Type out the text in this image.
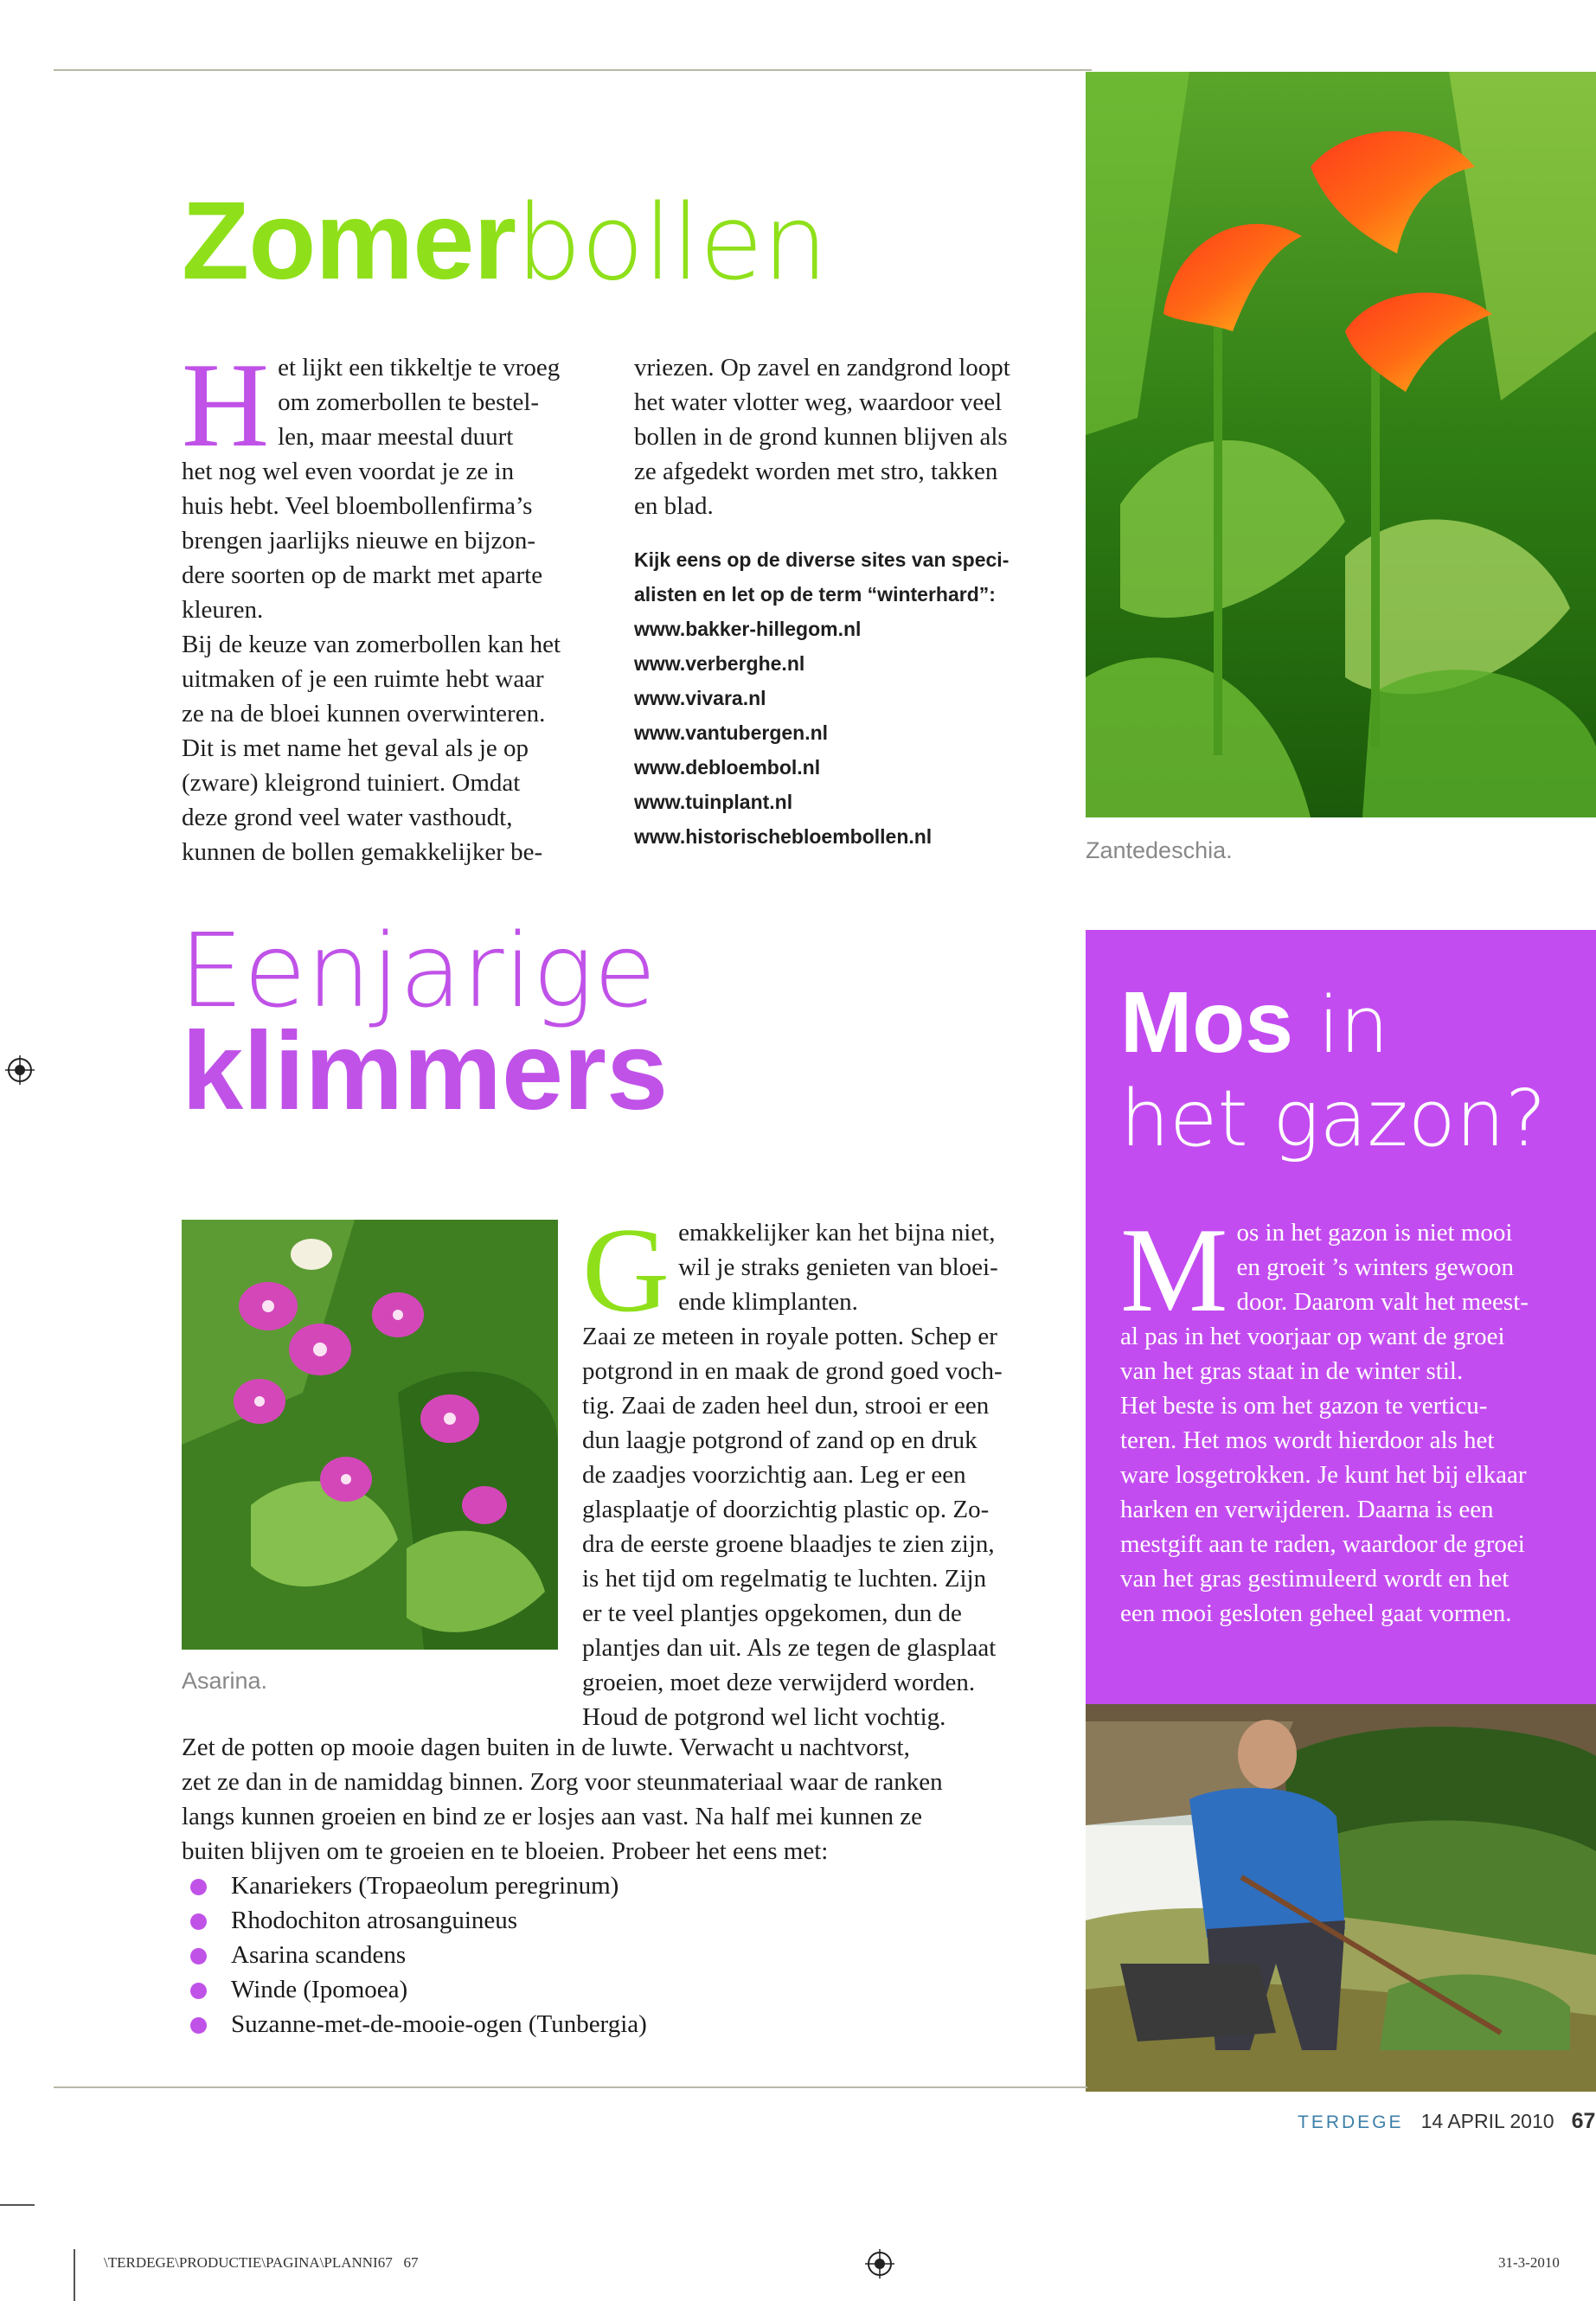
Zomerbollen
H et lijkt een tikkeltje te vroeg
om zomerbollen te bestel-
len, maar meestal duurt
het nog wel even voordat je ze in
huis hebt. Veel bloembollenfirma’s
brengen jaarlijks nieuwe en bijzon-
dere soorten op de markt met aparte
kleuren.
Bij de keuze van zomerbollen kan het
uitmaken of je een ruimte hebt waar
ze na de bloei kunnen overwinteren.
Dit is met name het geval als je op
(zware) kleigrond tuiniert. Omdat
deze grond veel water vasthoudt,
kunnen de bollen gemakkelijker be-
vriezen. Op zavel en zandgrond loopt
het water vlotter weg, waardoor veel
bollen in de grond kunnen blijven als
ze afgedekt worden met stro, takken
en blad.
Kijk eens op de diverse sites van speci-
alisten en let op de term “winterhard”:
www.bakker-hillegom.nl
www.verberghe.nl
www.vivara.nl
www.vantubergen.nl
www.debloembol.nl
www.tuinplant.nl
www.historischebloembollen.nl
Zantedeschia.
Eenjarige
klimmers	Mos in
het gazon?
M os in het gazon is niet mooi
en groeit ’s winters gewoon
door. Daarom valt het meest-
al pas in het voorjaar op want de groei
van het gras staat in de winter stil.
Het beste is om het gazon te verticu-
teren. Het mos wordt hierdoor als het
ware losgetrokken. Je kunt het bij elkaar
harken en verwijderen. Daarna is een
mestgift aan te raden, waardoor de groei
van het gras gestimuleerd wordt en het
een mooi gesloten geheel gaat vormen.
Asarina.
G emakkelijker kan het bijna niet,
wil je straks genieten van bloei-
ende klimplanten.
Zaai ze meteen in royale potten. Schep er
potgrond in en maak de grond goed voch-
tig. Zaai de zaden heel dun, strooi er een
dun laagje potgrond of zand op en druk
de zaadjes voorzichtig aan. Leg er een
glasplaatje of doorzichtig plastic op. Zo-
dra de eerste groene blaadjes te zien zijn,
is het tijd om regelmatig te luchten. Zijn
er te veel plantjes opgekomen, dun de
plantjes dan uit. Als ze tegen de glasplaat
groeien, moet deze verwijderd worden.
Houd de potgrond wel licht vochtig.
Zet de potten op mooie dagen buiten in de luwte. Verwacht u nachtvorst,
zet ze dan in de namiddag binnen. Zorg voor steunmateriaal waar de ranken
langs kunnen groeien en bind ze er losjes aan vast. Na half mei kunnen ze
buiten blijven om te groeien en te bloeien. Probeer het eens met:
Kanariekers (Tropaeolum peregrinum)
Rhodochiton atrosanguineus
Asarina scandens
Winde (Ipomoea)
Suzanne-met-de-mooie-ogen (Tunbergia)
TERDEGE 14 APRIL 2010 67
\TERDEGE\PRODUCTIE\PAGINA\PLANNI67   67	31-3-2010
